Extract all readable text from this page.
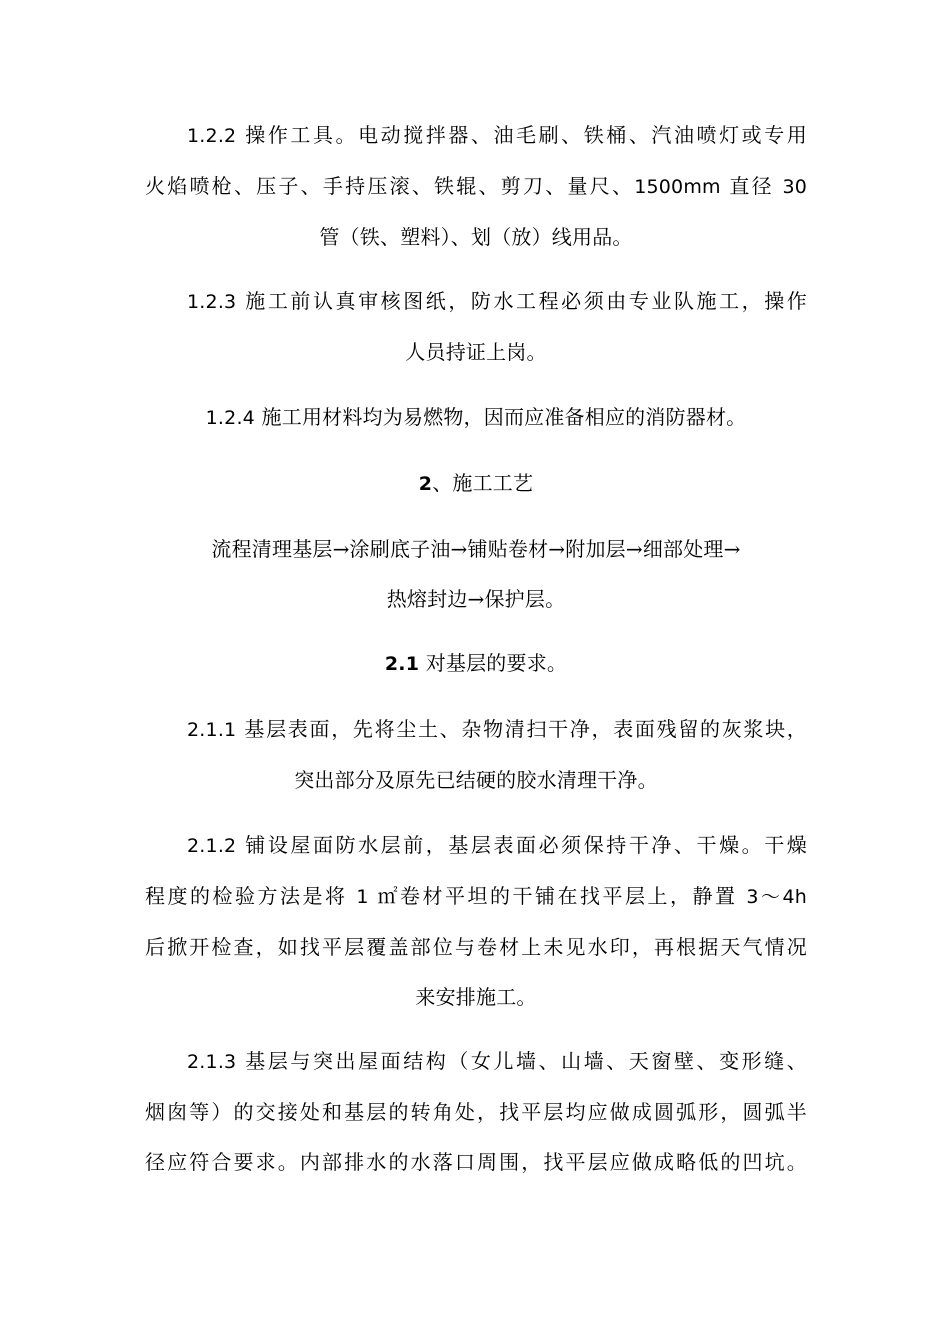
1.2.2 操作工具。电动搅拌器、油毛刷、铁桶、汽油喷灯或专用
火焰喷枪、压子、手持压滚、铁辊、剪刀、量尺、1500mm 直径 30
管（铁、塑料）、划（放）线用品。
1.2.3 施工前认真审核图纸，防水工程必须由专业队施工，操作
人员持证上岗。
1.2.4 施工用材料均为易燃物，因而应准备相应的消防器材。
2、施工工艺
流程清理基层→涂刷底子油→铺贴卷材→附加层→细部处理→
热熔封边→保护层。
2.1 对基层的要求。
2.1.1 基层表面，先将尘土、杂物清扫干净，表面残留的灰浆块，
突出部分及原先已结硬的胶水清理干净。
2.1.2 铺设屋面防水层前，基层表面必须保持干净、干燥。干燥
程度的检验方法是将 1 ㎡卷材平坦的干铺在找平层上，静置 3～4h
后掀开检查，如找平层覆盖部位与卷材上未见水印，再根据天气情况
来安排施工。
2.1.3 基层与突出屋面结构（女儿墙、山墙、天窗壁、变形缝、
烟囱等）的交接处和基层的转角处，找平层均应做成圆弧形，圆弧半
径应符合要求。内部排水的水落口周围，找平层应做成略低的凹坑。
